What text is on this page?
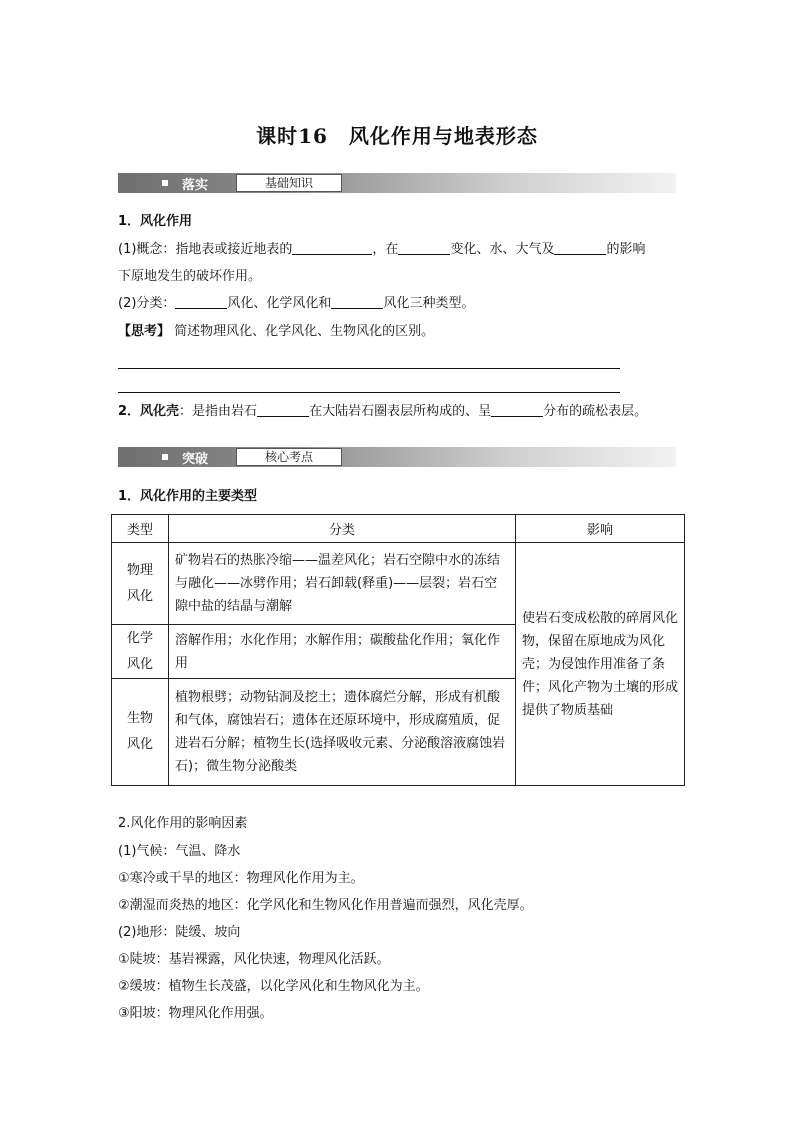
课时16　风化作用与地表形态
落实	基础知识
1．风化作用
(1)概念：指地表或接近地表的	，在	变化、水、大气及	的影响
下原地发生的破坏作用。
(2)分类：	风化、化学风化和	风化三种类型。
【思考】 简述物理风化、化学风化、生物风化的区别。
2．风化壳：是指由岩石	在大陆岩石圈表层所构成的、呈	分布的疏松表层。
突破	核心考点
1．风化作用的主要类型
类型	分类	影响
物理
风化	矿物岩石的热胀冷缩——温差风化；岩石空隙中水的冻结与融化——冰劈作用；岩石卸载(释重)——层裂；岩石空隙中盐的结晶与潮解	使岩石变成松散的碎屑风化物，保留在原地成为风化壳；为侵蚀作用准备了条件；风化产物为土壤的形成提供了物质基础
化学
风化	溶解作用；水化作用；水解作用；碳酸盐化作用；氧化作用	
生物
风化	植物根劈；动物钻洞及挖土；遗体腐烂分解，形成有机酸和气体，腐蚀岩石；遗体在还原环境中，形成腐殖质，促进岩石分解；植物生长(选择吸收元素、分泌酸溶液腐蚀岩石)；微生物分泌酸类	
2.风化作用的影响因素
(1)气候：气温、降水
①寒冷或干旱的地区：物理风化作用为主。
②潮湿而炎热的地区：化学风化和生物风化作用普遍而强烈，风化壳厚。
(2)地形：陡缓、坡向
①陡坡：基岩裸露，风化快速，物理风化活跃。
②缓坡：植物生长茂盛，以化学风化和生物风化为主。
③阳坡：物理风化作用强。
